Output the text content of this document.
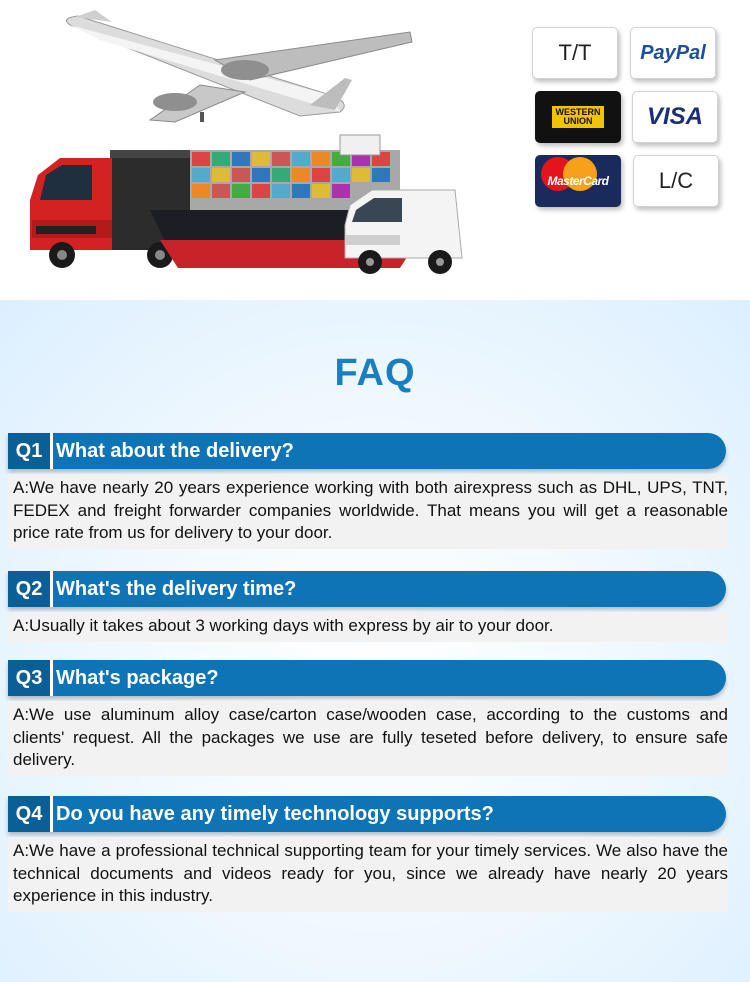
T/T PayPal
WESTERN UNION	VISA
MasterCard L/C
FAQ
Q1 What about the delivery?
A:We have nearly 20 years experience working with both airexpress such as DHL, UPS, TNT, FEDEX and freight forwarder companies worldwide. That means you will get a reasonable price rate from us for delivery to your door.
Q2 What's the delivery time?
A:Usually it takes about 3 working days with express by air to your door.
Q3 What's package?
A:We use aluminum alloy case/carton case/wooden case, according to the customs and clients' request. All the packages we use are fully teseted before delivery, to ensure safe delivery.
Q4 Do you have any timely technology supports?
A:We have a professional technical supporting team for your timely services. We also have the technical documents and videos ready for you, since we already have nearly 20 years experience in this industry.
